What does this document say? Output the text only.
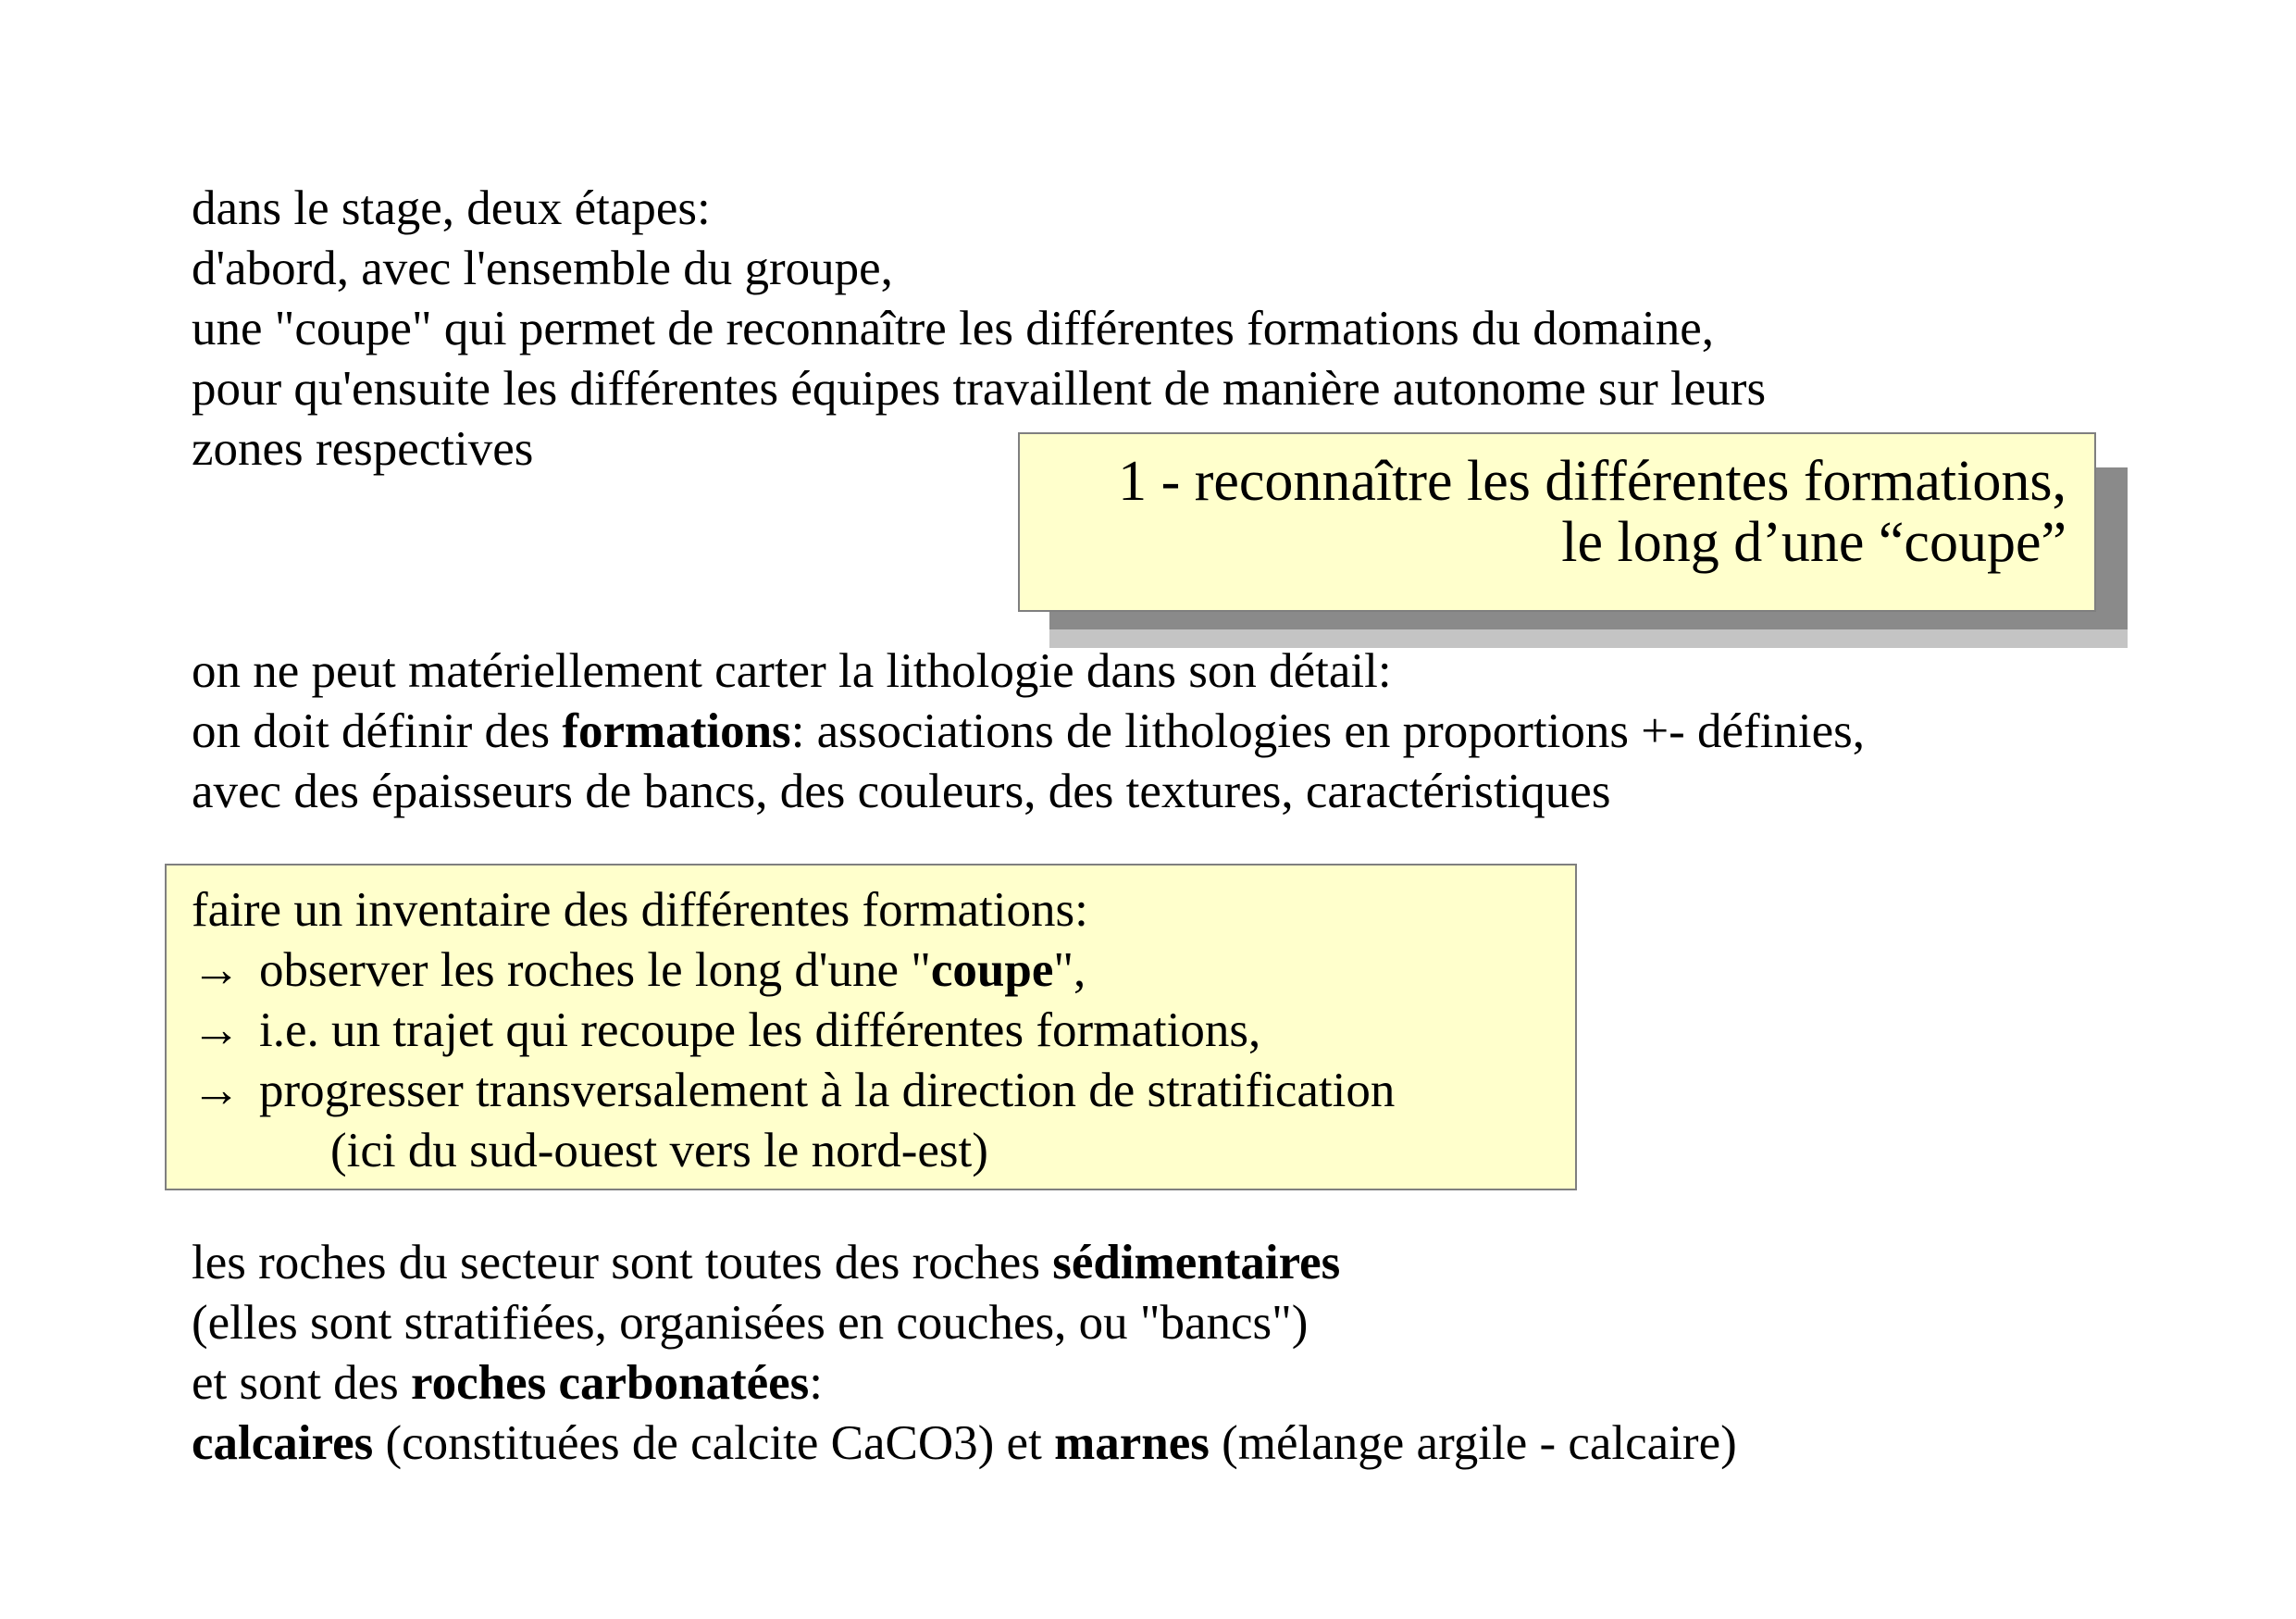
dans le stage, deux étapes:

d'abord, avec l'ensemble du groupe,

une "coupe" qui permet de reconnaître les différentes formations du domaine,

pour qu'ensuite les différentes équipes travaillent de manière autonome sur leurs

zones respectives

1 - reconnaître les différentes formations,
le long d’une “coupe”

on ne peut matériellement carter la lithologie dans son détail:

on doit définir des formations: associations de lithologies en proportions +- définies,

avec des épaisseurs de bancs, des couleurs, des textures, caractéristiques

faire un inventaire des différentes formations:

→ observer les roches le long d'une "coupe",

→ i.e. un trajet qui recoupe les différentes formations,

→ progresser transversalement à la direction de stratification

(ici du sud-ouest vers le nord-est)

les roches du secteur sont toutes des roches sédimentaires

(elles sont stratifiées, organisées en couches, ou "bancs")

et sont des roches carbonatées:

calcaires (constituées de calcite CaCO3) et marnes (mélange argile - calcaire)
